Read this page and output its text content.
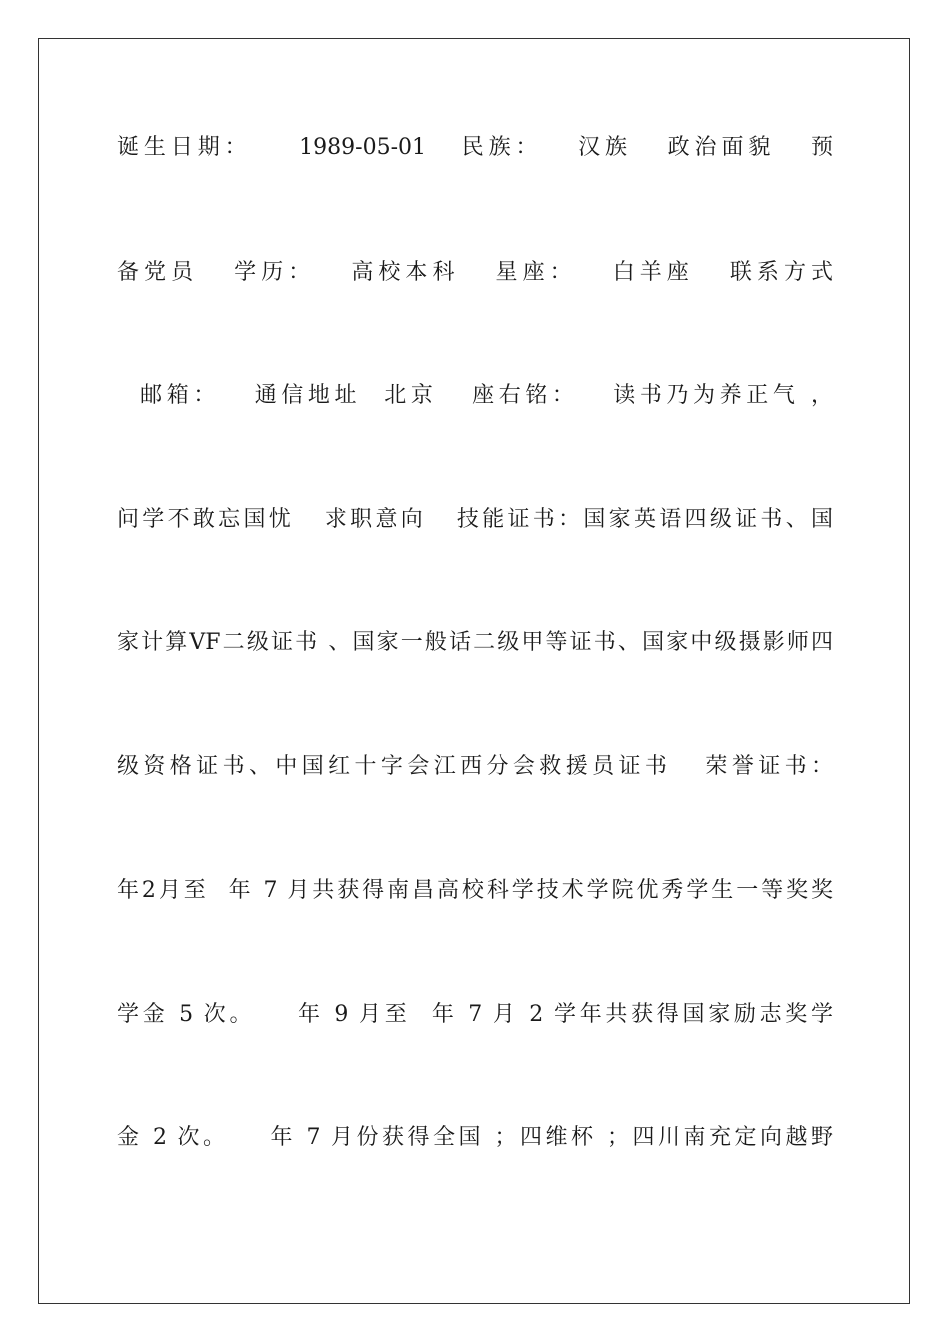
诞生日期：    1989-05-01   民族：   汉族   政治面貌   预
备党员   学历：   高校本科   星座：   白羊座   联系方式
邮箱：   通信地址  北京   座右铭：   读书乃为养正气 ，
问学不敢忘国忧   求职意向   技能证书：国家英语四级证书、国
家计算VF二级证书 、国家一般话二级甲等证书、国家中级摄影师四
级资格证书、中国红十字会江西分会救援员证书   荣誉证书：
年2月至  年 7 月共获得南昌高校科学技术学院优秀学生一等奖奖
学金 5 次。    年 9 月至  年 7 月 2 学年共获得国家励志奖学
金 2 次。    年 7 月份获得全国 ；四维杯 ；四川南充定向越野
